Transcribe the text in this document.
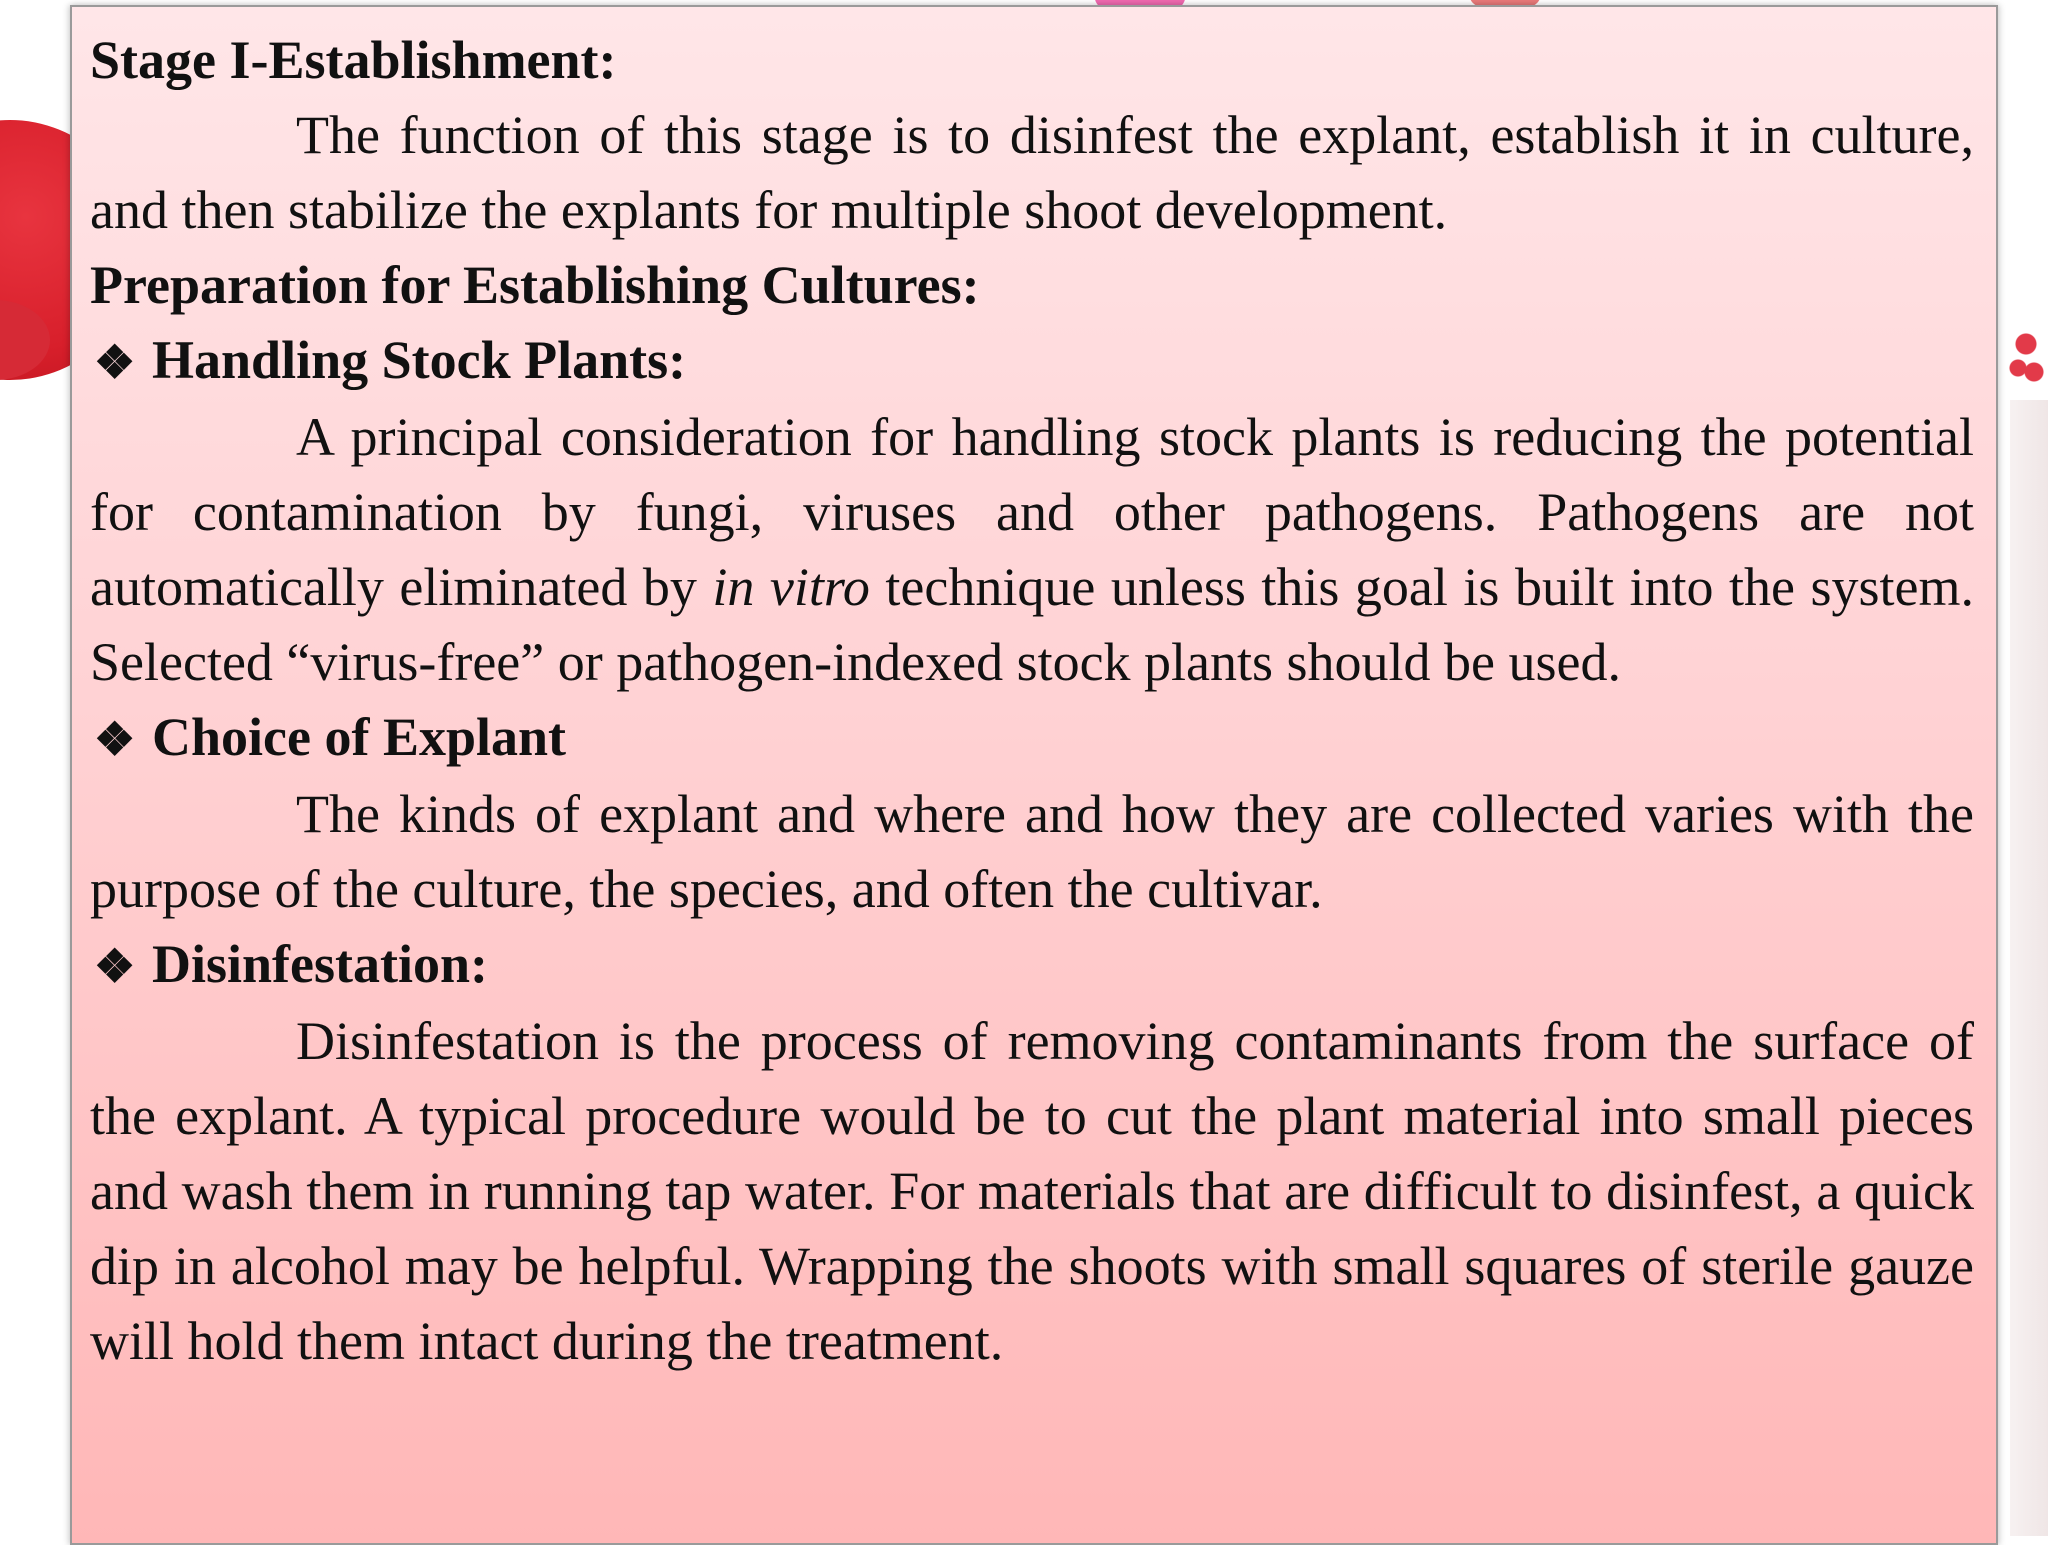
Stage I-Establishment:

The function of this stage is to disinfest the explant, establish it in culture, and then stabilize the explants for multiple shoot development.

Preparation for Establishing Cultures:

❖ Handling Stock Plants:

A principal consideration for handling stock plants is reducing the potential for contamination by fungi, viruses and other pathogens. Pathogens are not automatically eliminated by in vitro technique unless this goal is built into the system. Selected “virus-free” or pathogen-indexed stock plants should be used.

❖ Choice of Explant

The kinds of explant and where and how they are collected varies with the purpose of the culture, the species, and often the cultivar.

❖ Disinfestation:

Disinfestation is the process of removing contaminants from the surface of the explant. A typical procedure would be to cut the plant material into small pieces and wash them in running tap water. For materials that are difficult to disinfest, a quick dip in alcohol may be helpful. Wrapping the shoots with small squares of sterile gauze will hold them intact during the treatment.
